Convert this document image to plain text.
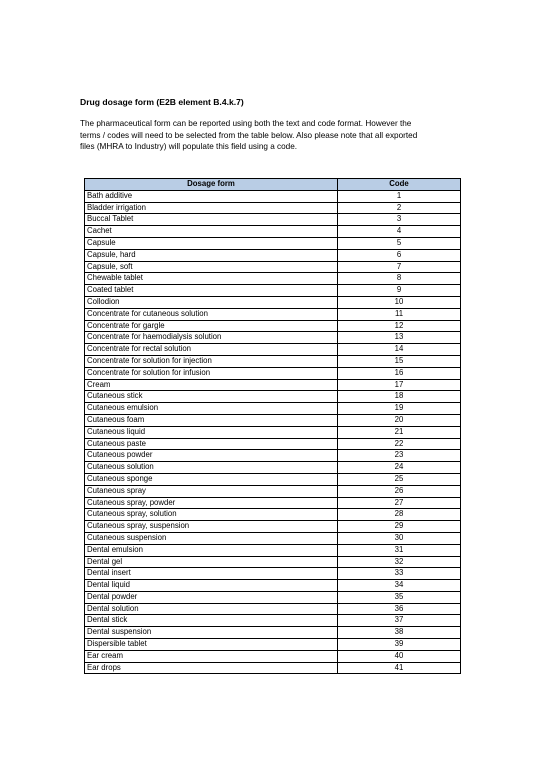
Drug dosage form (E2B element B.4.k.7)

The pharmaceutical form can be reported using both the text and code format. However the
terms / codes will need to be selected from the table below. Also please note that all exported
files (MHRA to Industry) will populate this field using a code.

Dosage form	Code
Bath additive	1
Bladder irrigation	2
Buccal Tablet	3
Cachet	4
Capsule	5
Capsule, hard	6
Capsule, soft	7
Chewable tablet	8
Coated tablet	9
Collodion	10
Concentrate for cutaneous solution	11
Concentrate for gargle	12
Concentrate for haemodialysis solution	13
Concentrate for rectal solution	14
Concentrate for solution for injection	15
Concentrate for solution for infusion	16
Cream	17
Cutaneous stick	18
Cutaneous emulsion	19
Cutaneous foam	20
Cutaneous liquid	21
Cutaneous paste	22
Cutaneous powder	23
Cutaneous solution	24
Cutaneous sponge	25
Cutaneous spray	26
Cutaneous spray, powder	27
Cutaneous spray, solution	28
Cutaneous spray, suspension	29
Cutaneous suspension	30
Dental emulsion	31
Dental gel	32
Dental insert	33
Dental liquid	34
Dental powder	35
Dental solution	36
Dental stick	37
Dental suspension	38
Dispersible tablet	39
Ear cream	40
Ear drops	41
